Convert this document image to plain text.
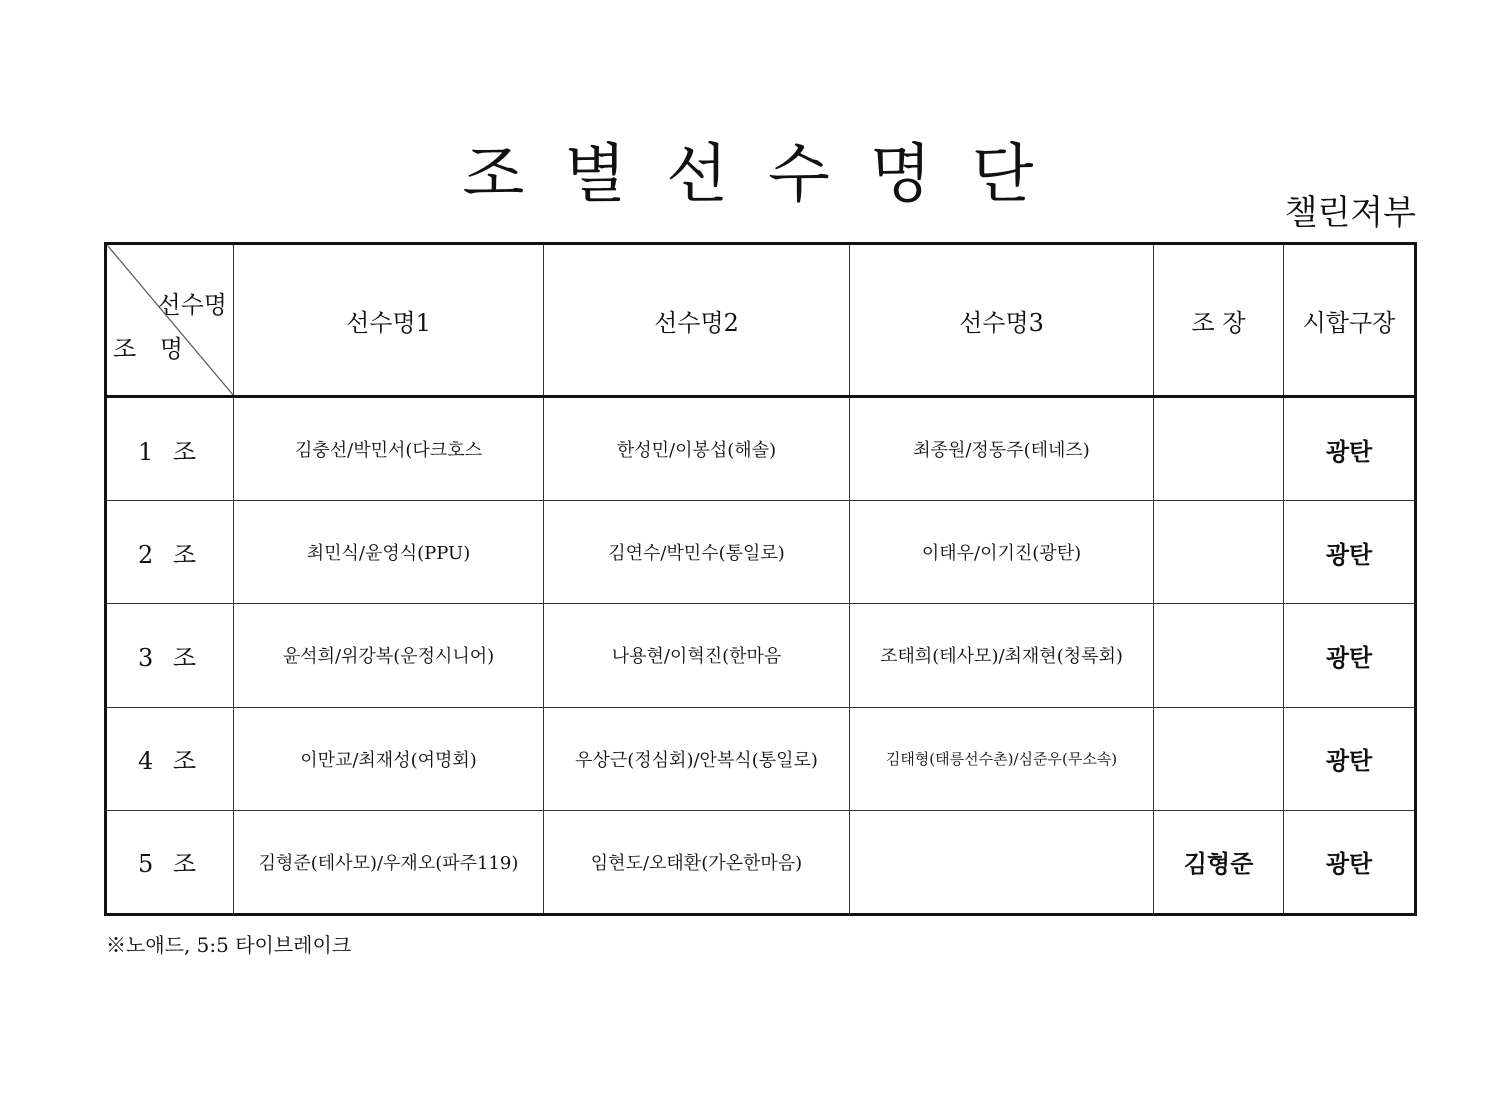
조별선수명단
챌린져부
선수명
조 명	선수명1	선수명2	선수명3	조 장	시합구장
1 조	김충선/박민서(다크호스	한성민/이봉섭(해솔)	최종원/정동주(테네즈)		광탄
2 조	최민식/윤영식(PPU)	김연수/박민수(통일로)	이태우/이기진(광탄)		광탄
3 조	윤석희/위강복(운정시니어)	나용현/이혁진(한마음	조태희(테사모)/최재현(청록회)		광탄
4 조	이만교/최재성(여명회)	우상근(정심회)/안복식(통일로)	김태형(태릉선수촌)/심준우(무소속)		광탄
5 조	김형준(테사모)/우재오(파주119)	임현도/오태환(가온한마음)		김형준	광탄
※노애드, 5:5 타이브레이크
